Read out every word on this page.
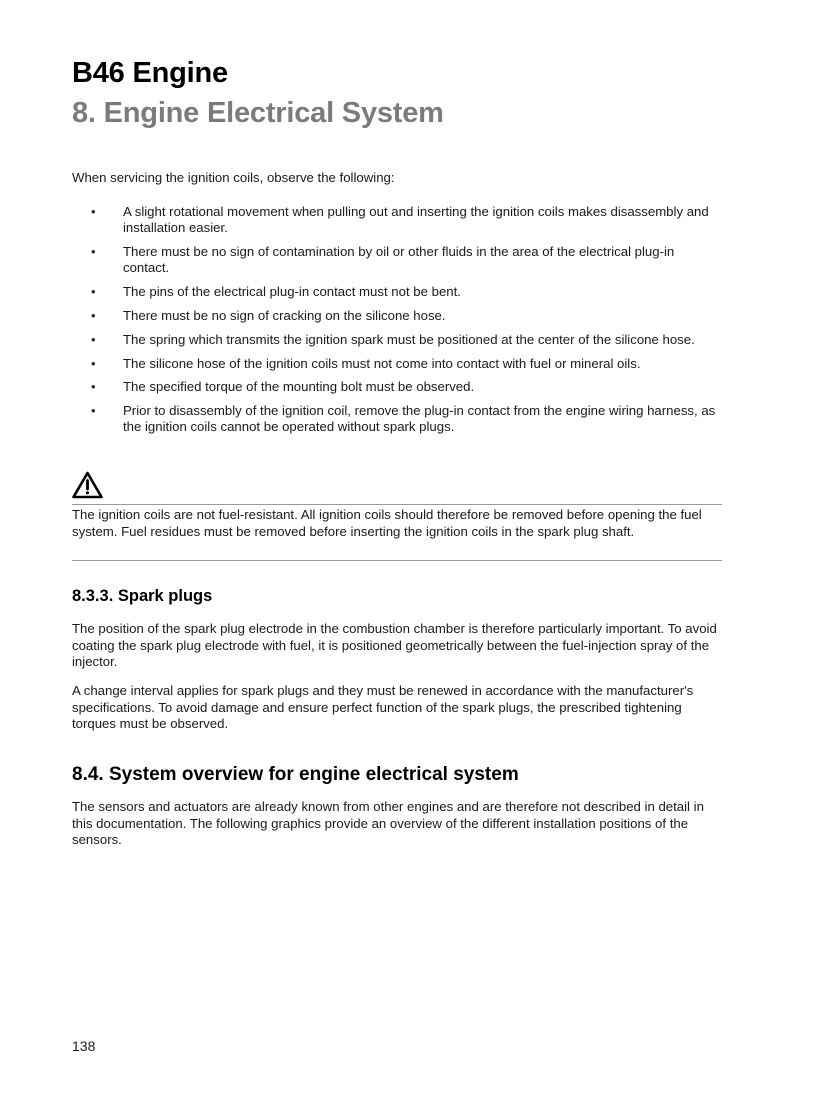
B46 Engine
8. Engine Electrical System
When servicing the ignition coils, observe the following:
• A slight rotational movement when pulling out and inserting the ignition coils makes disassembly and installation easier.
• There must be no sign of contamination by oil or other fluids in the area of the electrical plug-in contact.
• The pins of the electrical plug-in contact must not be bent.
• There must be no sign of cracking on the silicone hose.
• The spring which transmits the ignition spark must be positioned at the center of the silicone hose.
• The silicone hose of the ignition coils must not come into contact with fuel or mineral oils.
• The specified torque of the mounting bolt must be observed.
• Prior to disassembly of the ignition coil, remove the plug-in contact from the engine wiring harness, as the ignition coils cannot be operated without spark plugs.
The ignition coils are not fuel-resistant. All ignition coils should therefore be removed before opening the fuel system. Fuel residues must be removed before inserting the ignition coils in the spark plug shaft.
8.3.3. Spark plugs
The position of the spark plug electrode in the combustion chamber is therefore particularly important. To avoid coating the spark plug electrode with fuel, it is positioned geometrically between the fuel-injection spray of the injector.
A change interval applies for spark plugs and they must be renewed in accordance with the manufacturer's specifications. To avoid damage and ensure perfect function of the spark plugs, the prescribed tightening torques must be observed.
8.4. System overview for engine electrical system
The sensors and actuators are already known from other engines and are therefore not described in detail in this documentation. The following graphics provide an overview of the different installation positions of the sensors.
138
